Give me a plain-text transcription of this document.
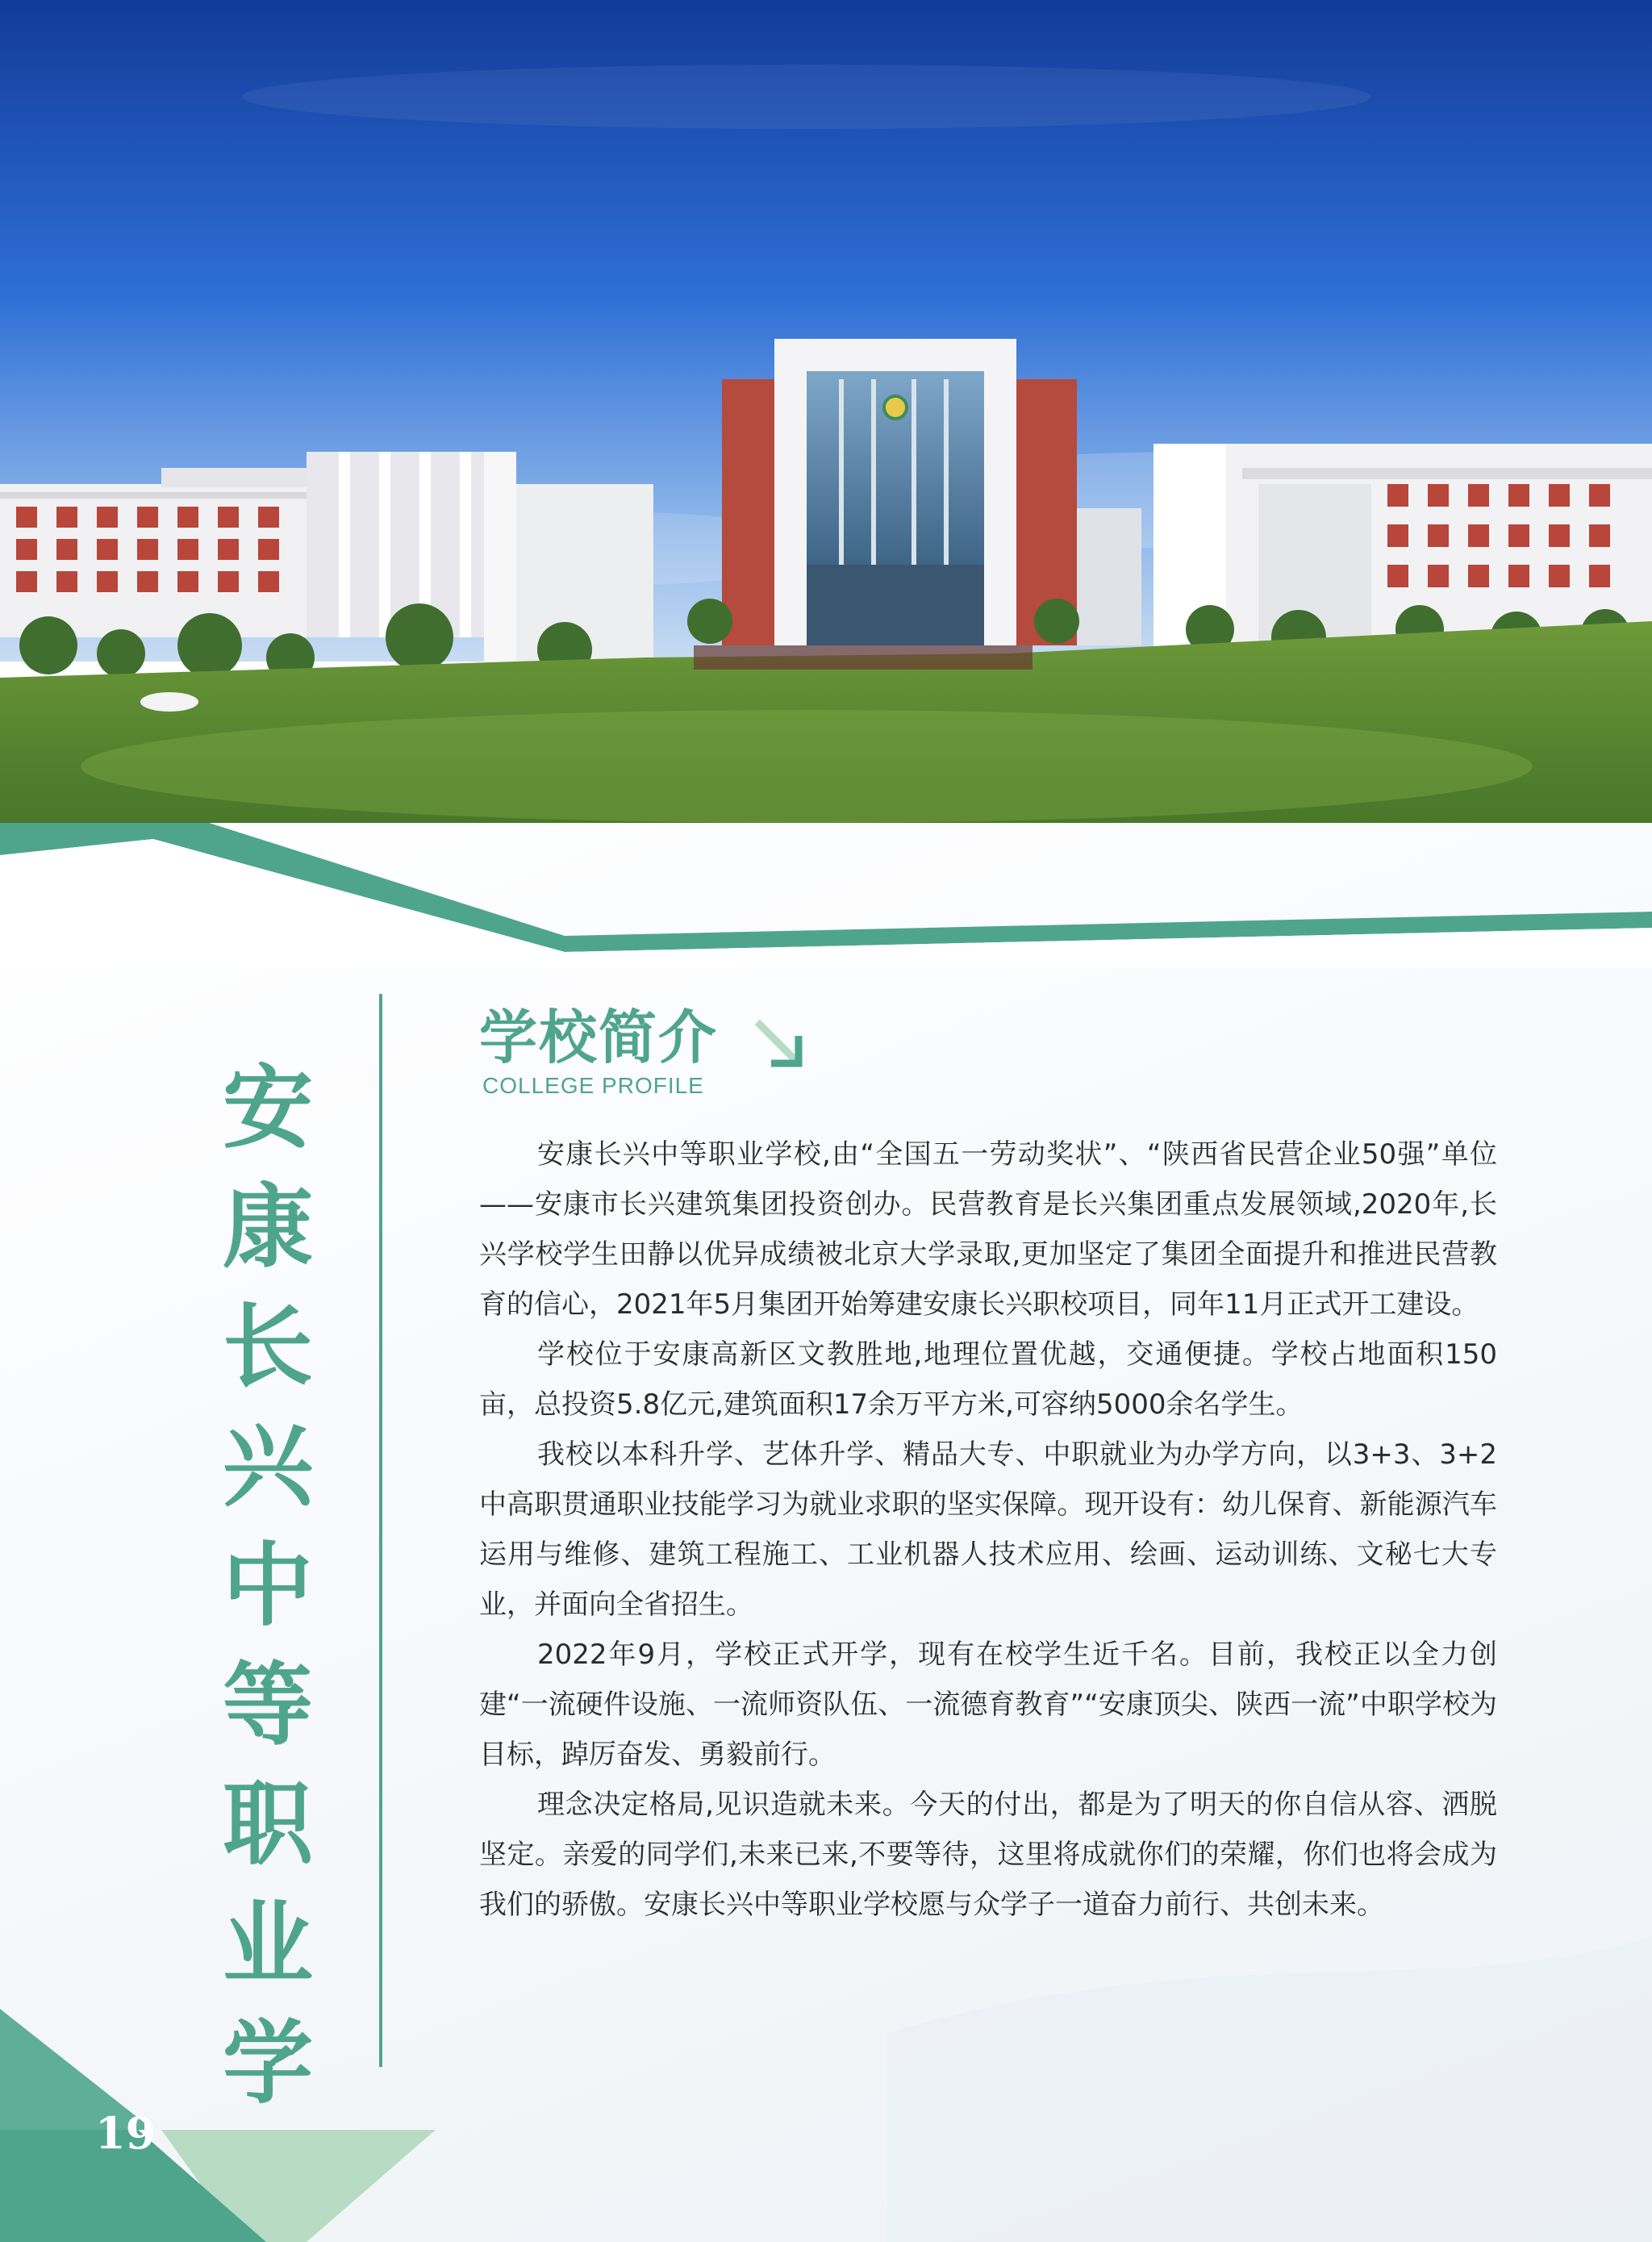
安
康
长
兴
中
等
职
业
学
学校简介
COLLEGE PROFILE

安康长兴中等职业学校,由“全国五一劳动奖状”、“陕西省民营企业50强”单位——安康市长兴建筑集团投资创办。民营教育是长兴集团重点发展领域,2020年,长兴学校学生田静以优异成绩被北京大学录取,更加坚定了集团全面提升和推进民营教育的信心，2021年5月集团开始筹建安康长兴职校项目，同年11月正式开工建设。

学校位于安康高新区文教胜地,地理位置优越，交通便捷。学校占地面积150亩，总投资5.8亿元,建筑面积17余万平方米,可容纳5000余名学生。

我校以本科升学、艺体升学、精品大专、中职就业为办学方向，以3+3、3+2中高职贯通职业技能学习为就业求职的坚实保障。现开设有：幼儿保育、新能源汽车运用与维修、建筑工程施工、工业机器人技术应用、绘画、运动训练、文秘七大专业，并面向全省招生。

2022年9月，学校正式开学，现有在校学生近千名。目前，我校正以全力创建“一流硬件设施、一流师资队伍、一流德育教育”“安康顶尖、陕西一流”中职学校为目标，踔厉奋发、勇毅前行。

理念决定格局,见识造就未来。今天的付出，都是为了明天的你自信从容、洒脱坚定。亲爱的同学们,未来已来,不要等待，这里将成就你们的荣耀，你们也将会成为我们的骄傲。安康长兴中等职业学校愿与众学子一道奋力前行、共创未来。

19
